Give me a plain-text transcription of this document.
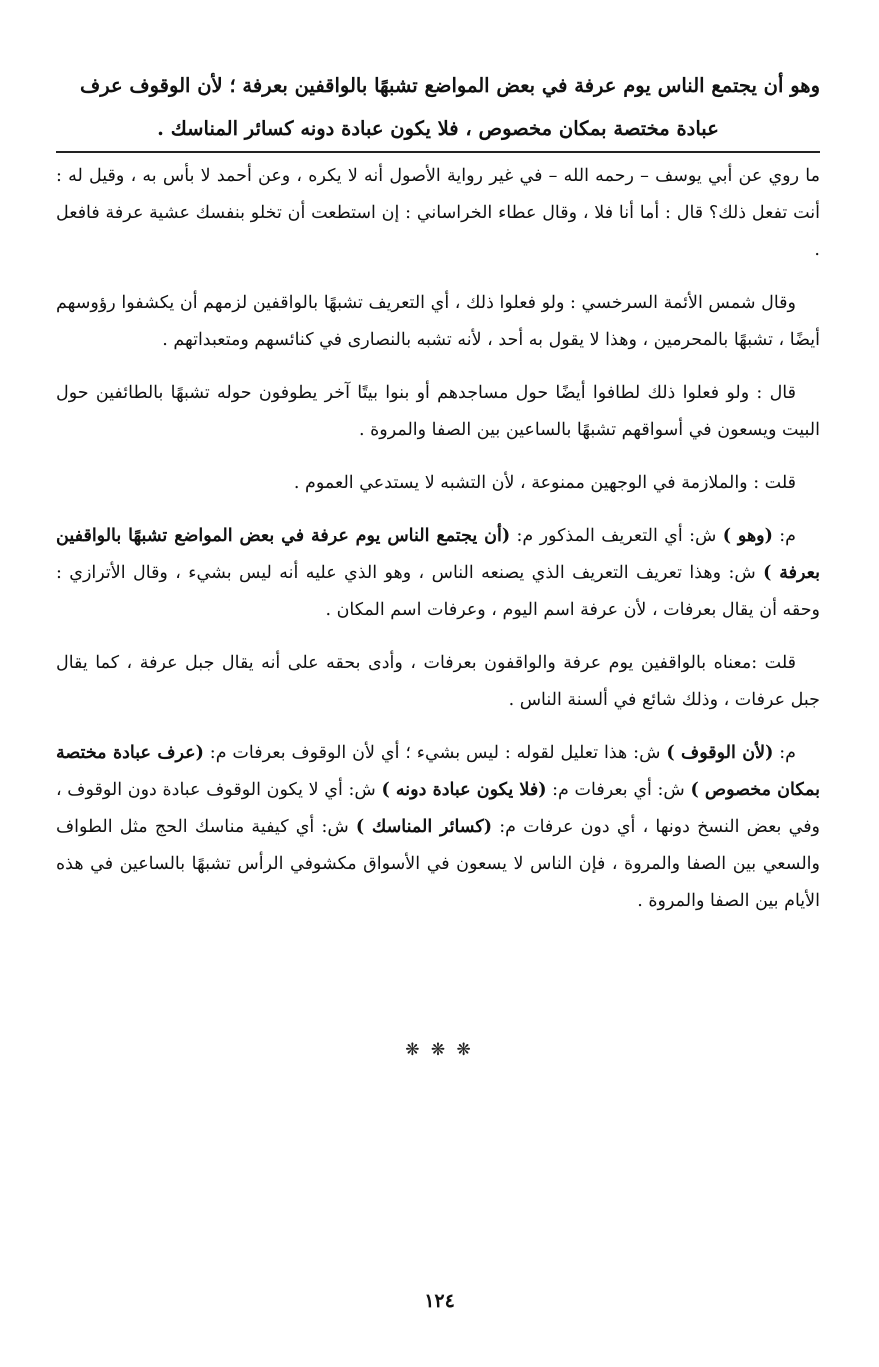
وهو أن يجتمع الناس يوم عرفة في بعض المواضع تشبهًا بالواقفين بعرفة ؛ لأن الوقوف عرف
عبادة مختصة بمكان مخصوص ، فلا يكون عبادة دونه كسائر المناسك .

ما روي عن أبي يوسف – رحمه الله – في غير رواية الأصول أنه لا يكره ، وعن أحمد لا بأس به ، وقيل له : أنت تفعل ذلك؟ قال : أما أنا فلا ، وقال عطاء الخراساني : إن استطعت أن تخلو بنفسك عشية عرفة فافعل .

وقال شمس الأئمة السرخسي : ولو فعلوا ذلك ، أي التعريف تشبهًا بالواقفين لزمهم أن يكشفوا رؤوسهم أيضًا ، تشبهًا بالمحرمين ، وهذا لا يقول به أحد ، لأنه تشبه بالنصارى في كنائسهم ومتعبداتهم .

قال : ولو فعلوا ذلك لطافوا أيضًا حول مساجدهم أو بنوا بيتًا آخر يطوفون حوله تشبهًا بالطائفين حول البيت ويسعون في أسواقهم تشبهًا بالساعين بين الصفا والمروة .

قلت : والملازمة في الوجهين ممنوعة ، لأن التشبه لا يستدعي العموم .

م: (وهو ) ش: أي التعريف المذكور م: (أن يجتمع الناس يوم عرفة في بعض المواضع تشبهًا بالواقفين بعرفة ) ش: وهذا تعريف التعريف الذي يصنعه الناس ، وهو الذي عليه أنه ليس بشيء ، وقال الأترازي : وحقه أن يقال بعرفات ، لأن عرفة اسم اليوم ، وعرفات اسم المكان .

قلت :معناه بالواقفين يوم عرفة والواقفون بعرفات ، وأدى بحقه على أنه يقال جبل عرفة ، كما يقال جبل عرفات ، وذلك شائع في ألسنة الناس .

م: (لأن الوقوف ) ش: هذا تعليل لقوله : ليس بشيء ؛ أي لأن الوقوف بعرفات م: (عرف عبادة مختصة بمكان مخصوص ) ش: أي بعرفات م: (فلا يكون عبادة دونه ) ش: أي لا يكون الوقوف عبادة دون الوقوف ، وفي بعض النسخ دونها ، أي دون عرفات م: (كسائر المناسك ) ش: أي كيفية مناسك الحج مثل الطواف والسعي بين الصفا والمروة ، فإن الناس لا يسعون في الأسواق مكشوفي الرأس تشبهًا بالساعين في هذه الأيام بين الصفا والمروة .

❋ ❋ ❋
١٢٤
